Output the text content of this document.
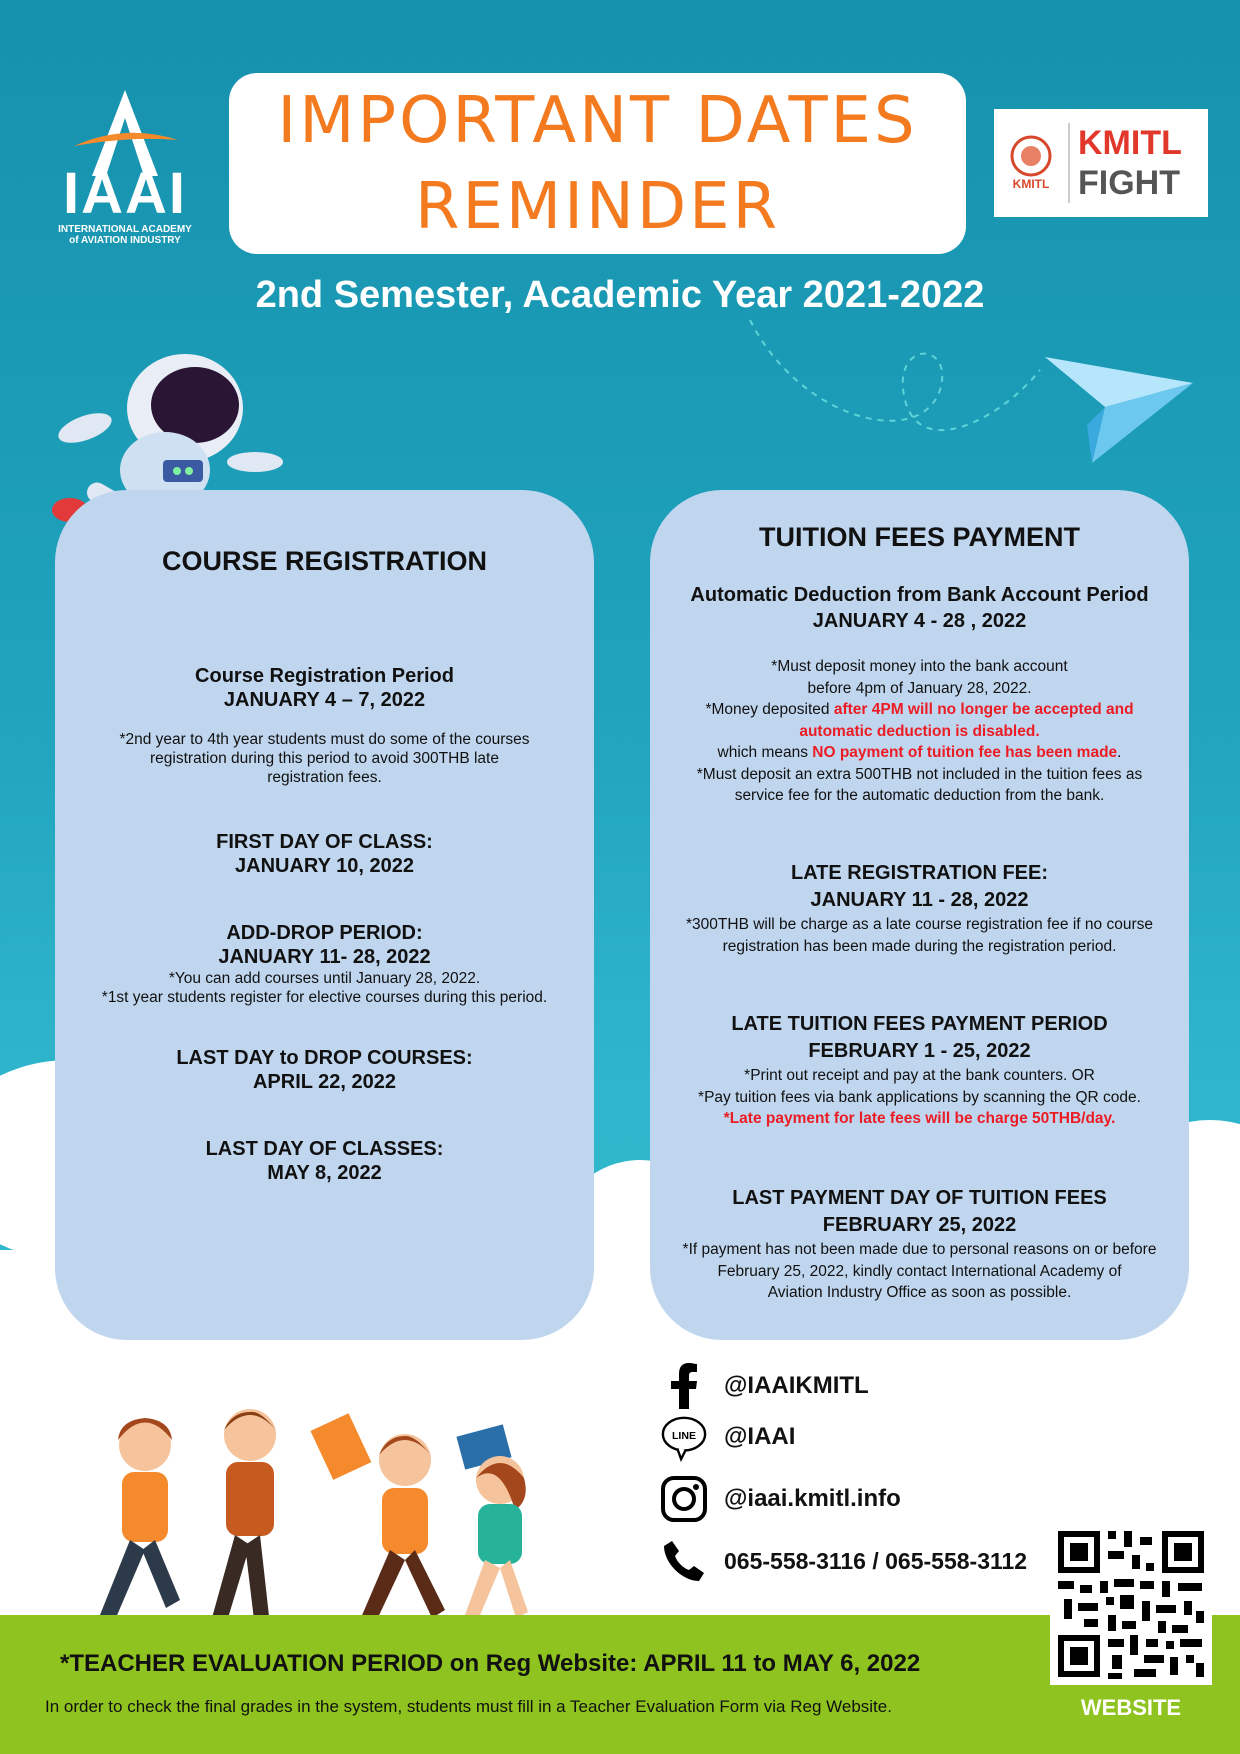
IAAI
INTERNATIONAL ACADEMY
of AVIATION INDUSTRY
IMPORTANT DATES
REMINDER	KMITL
KMITL
FIGHT
2nd Semester, Academic Year 2021-2022
COURSE REGISTRATION
Course Registration Period
JANUARY 4 – 7, 2022
*2nd year to 4th year students must do some of the courses
registration during this period to avoid 300THB late
registration fees.
FIRST DAY OF CLASS:
JANUARY 10, 2022
ADD-DROP PERIOD:
JANUARY 11- 28, 2022
*You can add courses until January 28, 2022.
*1st year students register for elective courses during this period.
LAST DAY to DROP COURSES:
APRIL 22, 2022
LAST DAY OF CLASSES:
MAY 8, 2022
TUITION FEES PAYMENT
Automatic Deduction from Bank Account Period
JANUARY 4 - 28 , 2022
*Must deposit money into the bank account
before 4pm of January 28, 2022.
*Money deposited after 4PM will no longer be accepted and
automatic deduction is disabled.
which means NO payment of tuition fee has been made.
*Must deposit an extra 500THB not included in the tuition fees as
service fee for the automatic deduction from the bank.
LATE REGISTRATION FEE:
JANUARY 11 - 28, 2022
*300THB will be charge as a late course registration fee if no course
registration has been made during the registration period.
LATE TUITION FEES PAYMENT PERIOD
FEBRUARY 1 - 25, 2022
*Print out receipt and pay at the bank counters. OR
*Pay tuition fees via bank applications by scanning the QR code.
*Late payment for late fees will be charge 50THB/day.
LAST PAYMENT DAY OF TUITION FEES
FEBRUARY 25, 2022
*If payment has not been made due to personal reasons on or before
February 25, 2022, kindly contact International Academy of
Aviation Industry Office as soon as possible.
@IAAIKMITL
LINE @IAAI
@iaai.kmitl.info
065-558-3116 / 065-558-3112
*TEACHER EVALUATION PERIOD on Reg Website: APRIL 11 to MAY 6, 2022
In order to check the final grades in the system, students must fill in a Teacher Evaluation Form via Reg Website.	WEBSITE
